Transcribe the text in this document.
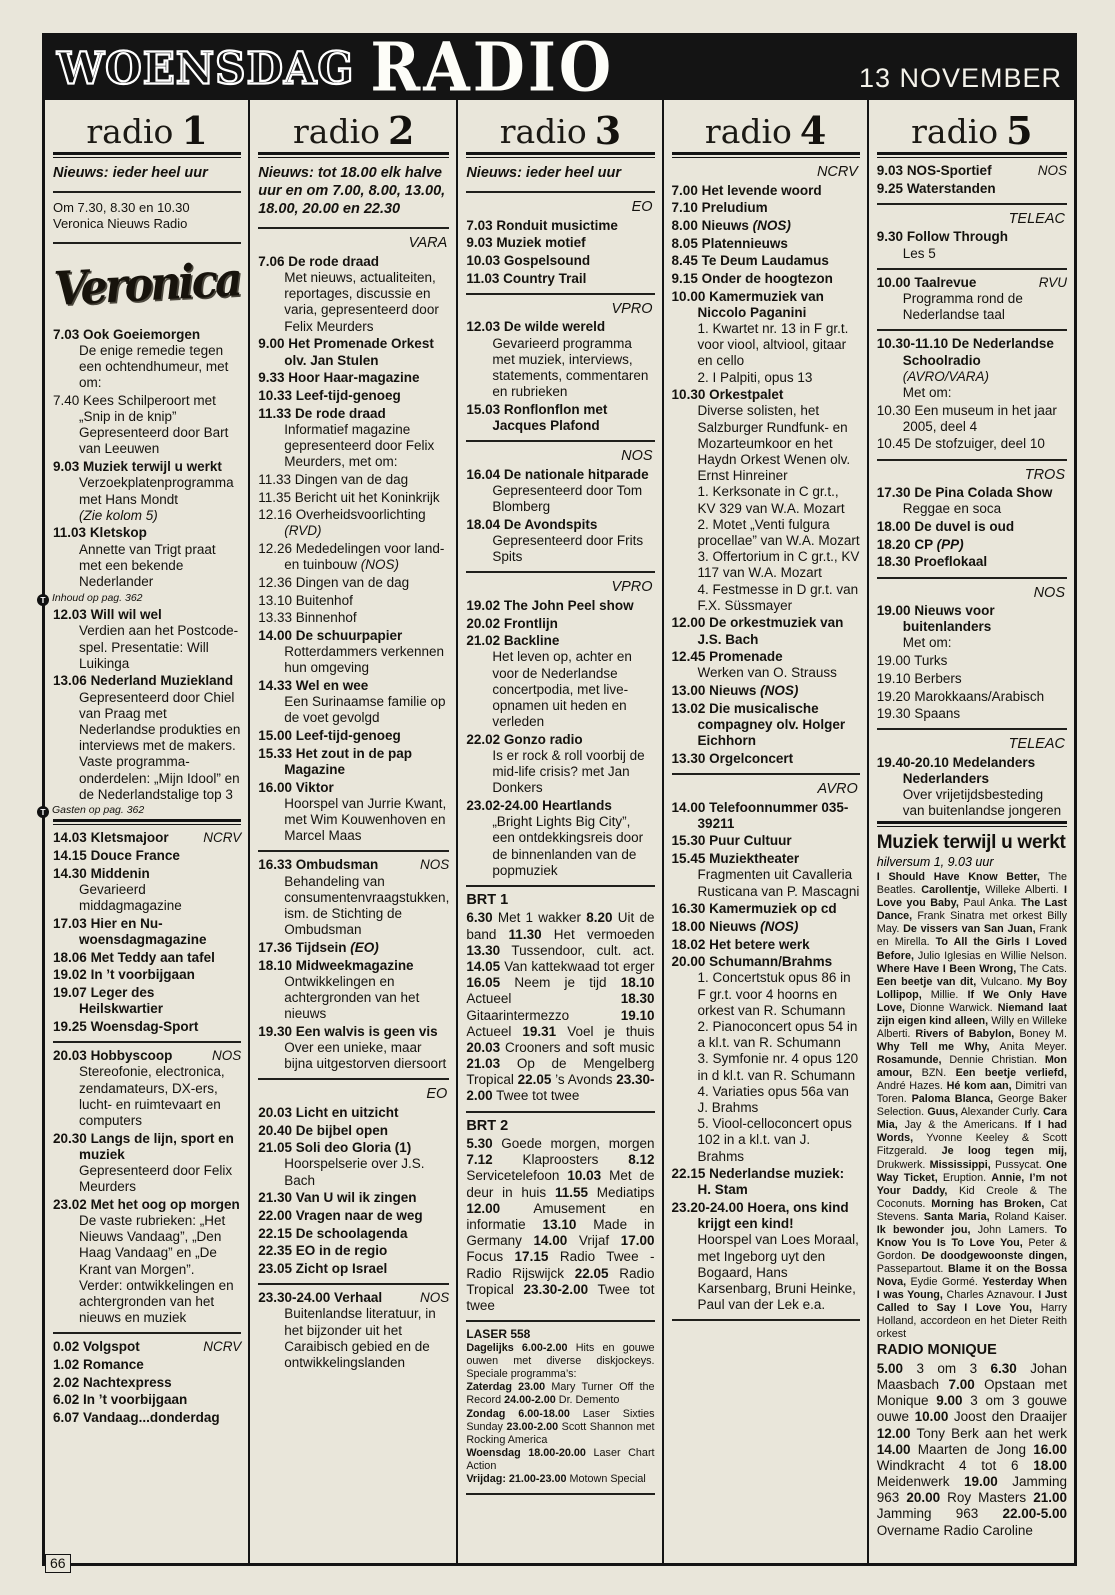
WOENSDAG RADIO	13 NOVEMBER
radio 1
Nieuws: ieder heel uur
Om 7.30, 8.30 en 10.30 Veronica Nieuws Radio
Veronica
7.03 Ook Goeiemorgen
De enige remedie tegen een ochtendhumeur, met om:
7.40 Kees Schilperoort met „Snip in de knip”
Gepresenteerd door Bart van Leeuwen
9.03 Muziek terwijl u werkt
Verzoekplatenprogramma met Hans Mondt
(Zie kolom 5)
11.03 Kletskop
Annette van Trigt praat met een bekende Nederlander
T Inhoud op pag. 362
12.03 Will wil wel
Verdien aan het Postcode-spel. Presentatie: Will Luikinga
13.06 Nederland Muziekland
Gepresenteerd door Chiel van Praag met Nederlandse produkties en interviews met de makers. Vaste programma-onderdelen: „Mijn Idool” en de Nederlandstalige top 3
T Gasten op pag. 362
NCRV
14.03 Kletsmajoor
14.15 Douce France
14.30 Middenin
Gevarieerd middagmagazine
17.03 Hier en Nu-woensdagmagazine
18.06 Met Teddy aan tafel
19.02 In ’t voorbijgaan
19.07 Leger des Heilskwartier
19.25 Woensdag-Sport
NOS
20.03 Hobbyscoop
Stereofonie, electronica, zendamateurs, DX-ers, lucht- en ruimtevaart en computers
20.30 Langs de lijn, sport en muziek
Gepresenteerd door Felix Meurders
23.02 Met het oog op morgen
De vaste rubrieken: „Het Nieuws Vandaag”, „Den Haag Vandaag” en „De Krant van Morgen”. Verder: ontwikkelingen en achtergronden van het nieuws en muziek
NCRV
0.02 Volgspot
1.02 Romance
2.02 Nachtexpress
6.02 In ’t voorbijgaan
6.07 Vandaag...donderdag
radio 2
Nieuws: tot 18.00 elk halve uur en om 7.00, 8.00, 13.00, 18.00, 20.00 en 22.30
VARA
7.06 De rode draad
Met nieuws, actualiteiten, reportages, discussie en varia, gepresenteerd door Felix Meurders
9.00 Het Promenade Orkest olv. Jan Stulen
9.33 Hoor Haar-magazine
10.33 Leef-tijd-genoeg
11.33 De rode draad
Informatief magazine gepresenteerd door Felix Meurders, met om:
11.33 Dingen van de dag
11.35 Bericht uit het Koninkrijk
12.16 Overheidsvoorlichting (RVD)
12.26 Mededelingen voor land- en tuinbouw (NOS)
12.36 Dingen van de dag
13.10 Buitenhof
13.33 Binnenhof
14.00 De schuurpapier
Rotterdammers verkennen hun omgeving
14.33 Wel en wee
Een Surinaamse familie op de voet gevolgd
15.00 Leef-tijd-genoeg
15.33 Het zout in de pap Magazine
16.00 Viktor
Hoorspel van Jurrie Kwant, met Wim Kouwenhoven en Marcel Maas
NOS
16.33 Ombudsman
Behandeling van consumentenvraagstukken, ism. de Stichting de Ombudsman
17.36 Tijdsein (EO)
18.10 Midweekmagazine
Ontwikkelingen en achtergronden van het nieuws
19.30 Een walvis is geen vis
Over een unieke, maar bijna uitgestorven diersoort
EO
20.03 Licht en uitzicht
20.40 De bijbel open
21.05 Soli deo Gloria (1)
Hoorspelserie over J.S. Bach
21.30 Van U wil ik zingen
22.00 Vragen naar de weg
22.15 De schoolagenda
22.35 EO in de regio
23.05 Zicht op Israel
NOS
23.30-24.00 Verhaal
Buitenlandse literatuur, in het bijzonder uit het Caraibisch gebied en de ontwikkelingslanden
radio 3
Nieuws: ieder heel uur
EO
7.03 Ronduit musictime
9.03 Muziek motief
10.03 Gospelsound
11.03 Country Trail
VPRO
12.03 De wilde wereld
Gevarieerd programma met muziek, interviews, statements, commentaren en rubrieken
15.03 Ronflonflon met Jacques Plafond
NOS
16.04 De nationale hitparade
Gepresenteerd door Tom Blomberg
18.04 De Avondspits
Gepresenteerd door Frits Spits
VPRO
19.02 The John Peel show
20.02 Frontlijn
21.02 Backline
Het leven op, achter en voor de Nederlandse concertpodia, met live-opnamen uit heden en verleden
22.02 Gonzo radio
Is er rock & roll voorbij de mid-life crisis? met Jan Donkers
23.02-24.00 Heartlands
„Bright Lights Big City”, een ontdekkingsreis door de binnenlanden van de popmuziek
BRT 1
6.30 Met 1 wakker 8.20 Uit de band 11.30 Het vermoeden 13.30 Tussendoor, cult. act. 14.05 Van kattekwaad tot erger 16.05 Neem je tijd 18.10 Actueel 18.30 Gitaarintermezzo 19.10 Actueel 19.31 Voel je thuis 20.03 Crooners and soft music 21.03 Op de Mengelberg Tropical 22.05 ’s Avonds 23.30-2.00 Twee tot twee
BRT 2
5.30 Goede morgen, morgen 7.12 Klaproosters 8.12 Servicetelefoon 10.03 Met de deur in huis 11.55 Mediatips 12.00 Amusement en informatie 13.10 Made in Germany 14.00 Vrijaf 17.00 Focus 17.15 Radio Twee - Radio Rijswijck 22.05 Radio Tropical 23.30-2.00 Twee tot twee
LASER 558
Dagelijks 6.00-2.00 Hits en gouwe ouwen met diverse diskjockeys. Speciale programma’s:
Zaterdag 23.00 Mary Turner Off the Record 24.00-2.00 Dr. Demento
Zondag 6.00-18.00 Laser Sixties Sunday 23.00-2.00 Scott Shannon met Rocking America
Woensdag 18.00-20.00 Laser Chart Action
Vrijdag: 21.00-23.00 Motown Special
radio 4
NCRV
7.00 Het levende woord
7.10 Preludium
8.00 Nieuws (NOS)
8.05 Platennieuws
8.45 Te Deum Laudamus
9.15 Onder de hoogtezon
10.00 Kamermuziek van Niccolo Paganini
1. Kwartet nr. 13 in F gr.t. voor viool, altviool, gitaar en cello
2. I Palpiti, opus 13
10.30 Orkestpalet
Diverse solisten, het Salzburger Rundfunk- en Mozarteumkoor en het Haydn Orkest Wenen olv. Ernst Hinreiner
1. Kerksonate in C gr.t., KV 329 van W.A. Mozart
2. Motet „Venti fulgura procellae” van W.A. Mozart
3. Offertorium in C gr.t., KV 117 van W.A. Mozart
4. Festmesse in D gr.t. van F.X. Süssmayer
12.00 De orkestmuziek van J.S. Bach
12.45 Promenade
Werken van O. Strauss
13.00 Nieuws (NOS)
13.02 Die musicalische compagney olv. Holger Eichhorn
13.30 Orgelconcert
AVRO
14.00 Telefoonnummer 035-39211
15.30 Puur Cultuur
15.45 Muziektheater
Fragmenten uit Cavalleria Rusticana van P. Mascagni
16.30 Kamermuziek op cd
18.00 Nieuws (NOS)
18.02 Het betere werk
20.00 Schumann/Brahms
1. Concertstuk opus 86 in F gr.t. voor 4 hoorns en orkest van R. Schumann
2. Pianoconcert opus 54 in a kl.t. van R. Schumann
3. Symfonie nr. 4 opus 120 in d kl.t. van R. Schumann
4. Variaties opus 56a van J. Brahms
5. Viool-celloconcert opus 102 in a kl.t. van J. Brahms
22.15 Nederlandse muziek: H. Stam
23.20-24.00 Hoera, ons kind krijgt een kind!
Hoorspel van Loes Moraal, met Ingeborg uyt den Bogaard, Hans Karsenbarg, Bruni Heinke, Paul van der Lek e.a.
radio 5
NOS
9.03 NOS-Sportief
9.25 Waterstanden
TELEAC
9.30 Follow Through
Les 5
RVU
10.00 Taalrevue
Programma rond de Nederlandse taal
10.30-11.10 De Nederlandse Schoolradio
(AVRO/VARA)
Met om:
10.30 Een museum in het jaar 2005, deel 4
10.45 De stofzuiger, deel 10
TROS
17.30 De Pina Colada Show
Reggae en soca
18.00 De duvel is oud
18.20 CP (PP)
18.30 Proeflokaal
NOS
19.00 Nieuws voor buitenlanders
Met om:
19.00 Turks
19.10 Berbers
19.20 Marokkaans/Arabisch
19.30 Spaans
TELEAC
19.40-20.10 Medelanders Nederlanders
Over vrijetijdsbesteding van buitenlandse jongeren
Muziek terwijl u werkt
hilversum 1, 9.03 uur
I Should Have Know Better, The Beatles. Carollentje, Willeke Alberti. I Love you Baby, Paul Anka. The Last Dance, Frank Sinatra met orkest Billy May. De vissers van San Juan, Frank en Mirella. To All the Girls I Loved Before, Julio Iglesias en Willie Nelson. Where Have I Been Wrong, The Cats. Een beetje van dit, Vulcano. My Boy Lollipop, Millie. If We Only Have Love, Dionne Warwick. Niemand laat zijn eigen kind alleen, Willy en Willeke Alberti. Rivers of Babylon, Boney M. Why Tell me Why, Anita Meyer. Rosamunde, Dennie Christian. Mon amour, BZN. Een beetje verliefd, André Hazes. Hé kom aan, Dimitri van Toren. Paloma Blanca, George Baker Selection. Guus, Alexander Curly. Cara Mia, Jay & the Americans. If I had Words, Yvonne Keeley & Scott Fitzgerald. Je loog tegen mij, Drukwerk. Mississippi, Pussycat. One Way Ticket, Eruption. Annie, I’m not Your Daddy, Kid Creole & The Coconuts. Morning has Broken, Cat Stevens. Santa Maria, Roland Kaiser. Ik bewonder jou, John Lamers. To Know You Is To Love You, Peter & Gordon. De doodgewoonste dingen, Passepartout. Blame it on the Bossa Nova, Eydie Gormé. Yesterday When I was Young, Charles Aznavour. I Just Called to Say I Love You, Harry Holland, accordeon en het Dieter Reith orkest
RADIO MONIQUE
5.00 3 om 3 6.30 Johan Maasbach 7.00 Opstaan met Monique 9.00 3 om 3 gouwe ouwe 10.00 Joost den Draaijer 12.00 Tony Berk aan het werk 14.00 Maarten de Jong 16.00 Windkracht 4 tot 6 18.00 Meidenwerk 19.00 Jamming 963 20.00 Roy Masters 21.00 Jamming 963 22.00-5.00 Overname Radio Caroline
66
